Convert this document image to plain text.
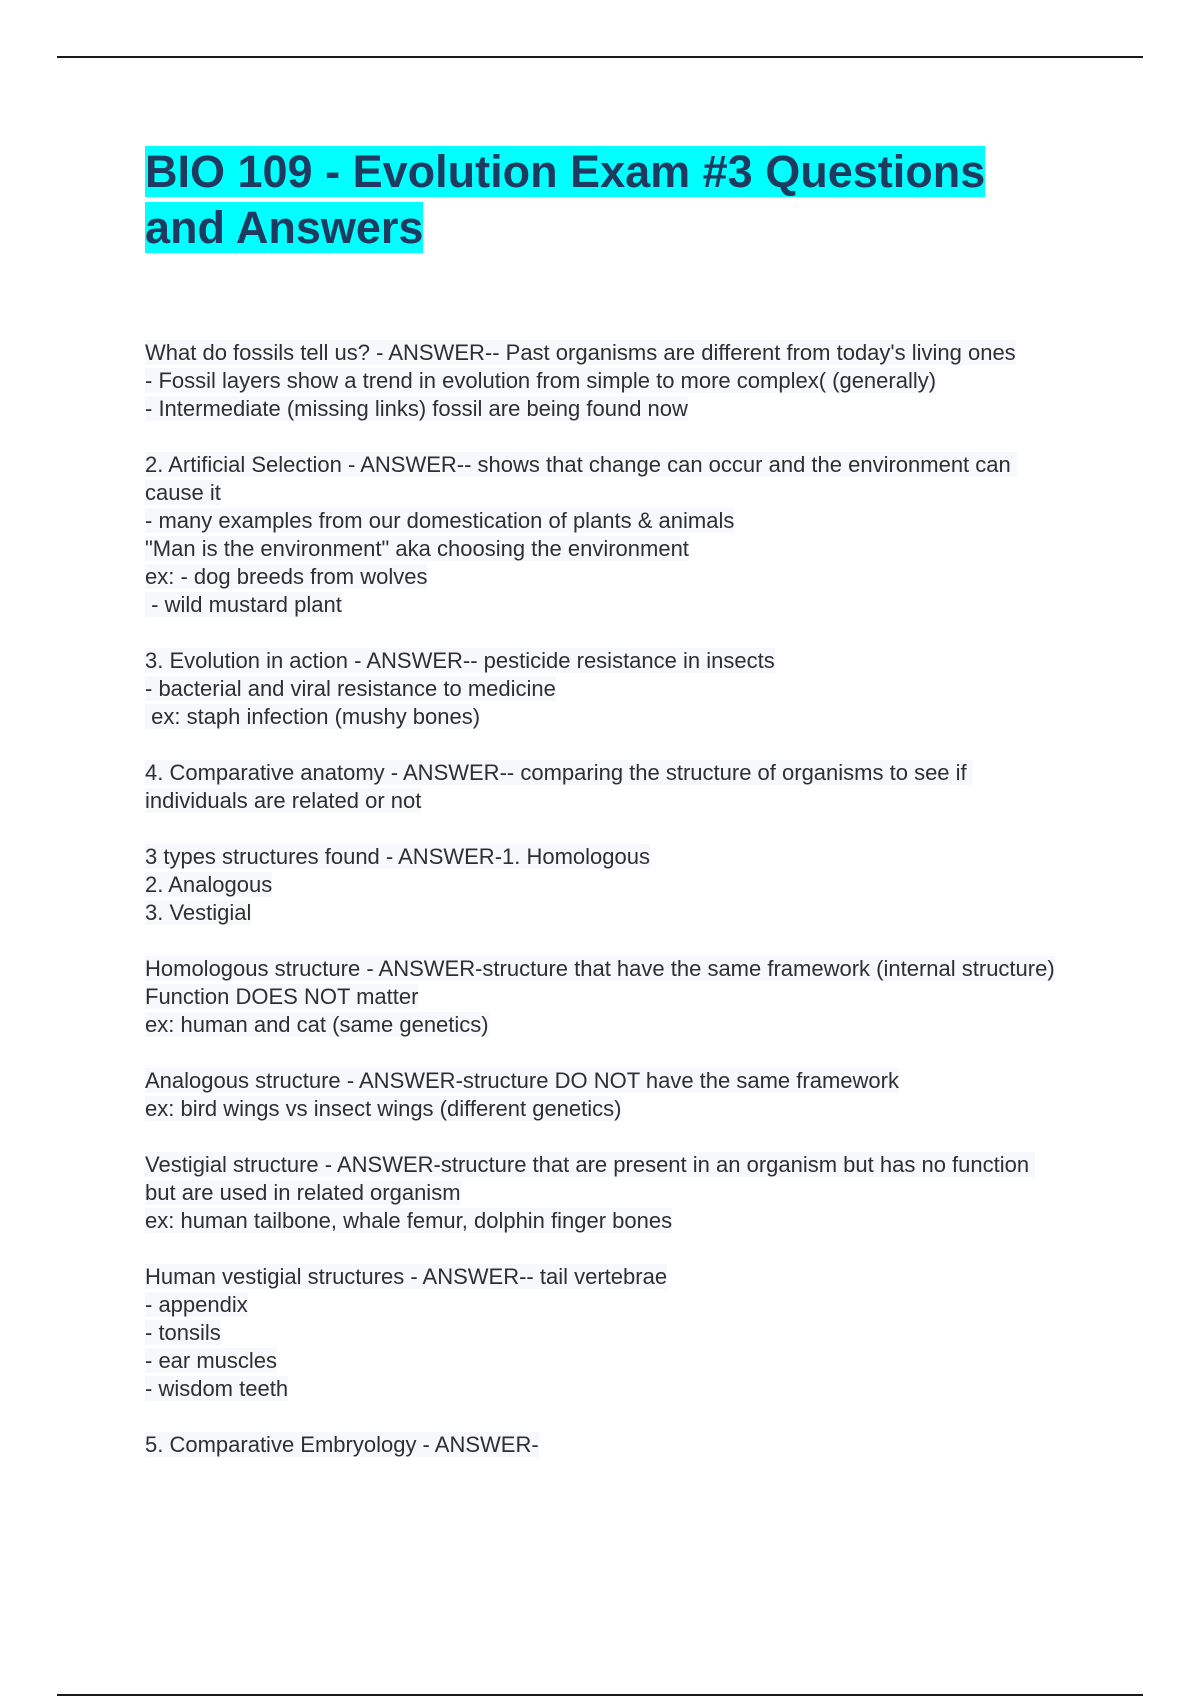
BIO 109 - Evolution Exam #3 Questions and Answers
What do fossils tell us? - ANSWER-- Past organisms are different from today's living ones
- Fossil layers show a trend in evolution from simple to more complex( (generally)
- Intermediate (missing links) fossil are being found now
2. Artificial Selection - ANSWER-- shows that change can occur and the environment can cause it
- many examples from our domestication of plants & animals
"Man is the environment" aka choosing the environment
ex: - dog breeds from wolves
- wild mustard plant
3. Evolution in action - ANSWER-- pesticide resistance in insects
- bacterial and viral resistance to medicine
ex: staph infection (mushy bones)
4. Comparative anatomy - ANSWER-- comparing the structure of organisms to see if individuals are related or not
3 types structures found - ANSWER-1. Homologous
2. Analogous
3. Vestigial
Homologous structure - ANSWER-structure that have the same framework (internal structure)
Function DOES NOT matter
ex: human and cat (same genetics)
Analogous structure - ANSWER-structure DO NOT have the same framework
ex: bird wings vs insect wings (different genetics)
Vestigial structure - ANSWER-structure that are present in an organism but has no function but are used in related organism
ex: human tailbone, whale femur, dolphin finger bones
Human vestigial structures - ANSWER-- tail vertebrae
- appendix
- tonsils
- ear muscles
- wisdom teeth
5. Comparative Embryology - ANSWER-
